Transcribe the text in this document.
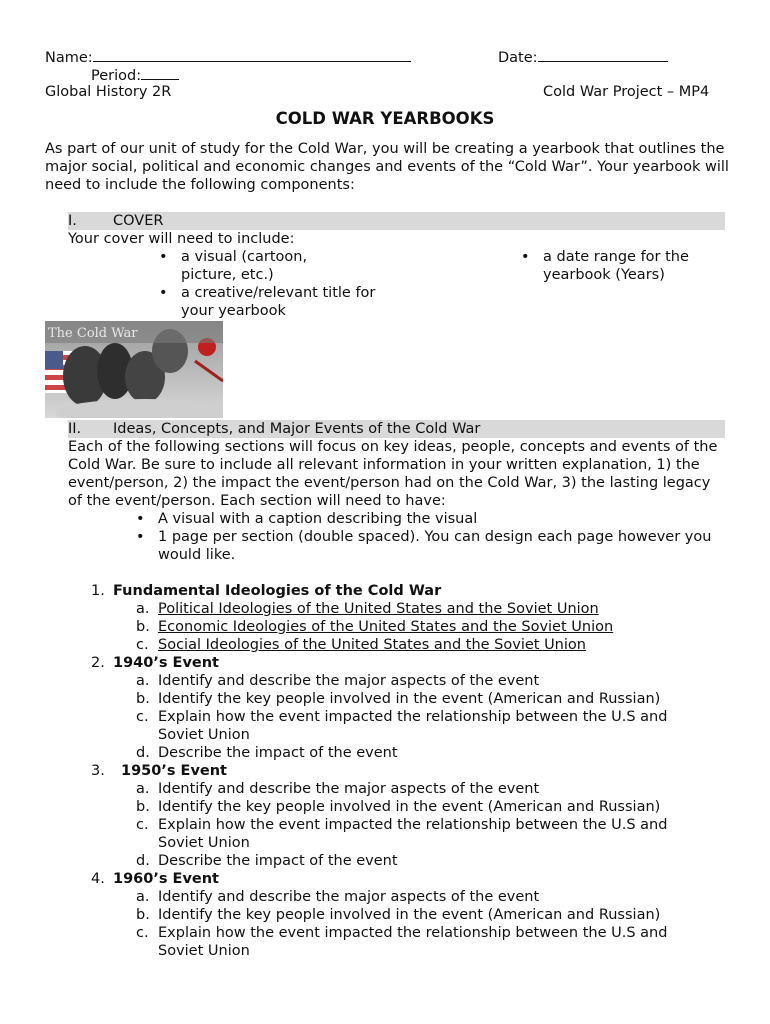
Name:	Date:
Period:
Global History 2R	Cold War Project – MP4
COLD WAR YEARBOOKS
As part of our unit of study for the Cold War, you will be creating a yearbook that outlines the major social, political and economic changes and events of the “Cold War”. Your yearbook will need to include the following components:
I. COVER
Your cover will need to include:
• a visual (cartoon, picture, etc.)
• a creative/relevant title for your yearbook
• a date range for the yearbook (Years)
The Cold War
II. Ideas, Concepts, and Major Events of the Cold War
Each of the following sections will focus on key ideas, people, concepts and events of the Cold War. Be sure to include all relevant information in your written explanation, 1) the event/person, 2) the impact the event/person had on the Cold War, 3) the lasting legacy of the event/person. Each section will need to have:
• A visual with a caption describing the visual
• 1 page per section (double spaced). You can design each page however you would like.
1. Fundamental Ideologies of the Cold War
a. Political Ideologies of the United States and the Soviet Union
b. Economic Ideologies of the United States and the Soviet Union
c. Social Ideologies of the United States and the Soviet Union
2. 1940’s Event
a. Identify and describe the major aspects of the event
b. Identify the key people involved in the event (American and Russian)
c. Explain how the event impacted the relationship between the U.S and Soviet Union
d. Describe the impact of the event
3. 1950’s Event
a. Identify and describe the major aspects of the event
b. Identify the key people involved in the event (American and Russian)
c. Explain how the event impacted the relationship between the U.S and Soviet Union
d. Describe the impact of the event
4. 1960’s Event
a. Identify and describe the major aspects of the event
b. Identify the key people involved in the event (American and Russian)
c. Explain how the event impacted the relationship between the U.S and Soviet Union
